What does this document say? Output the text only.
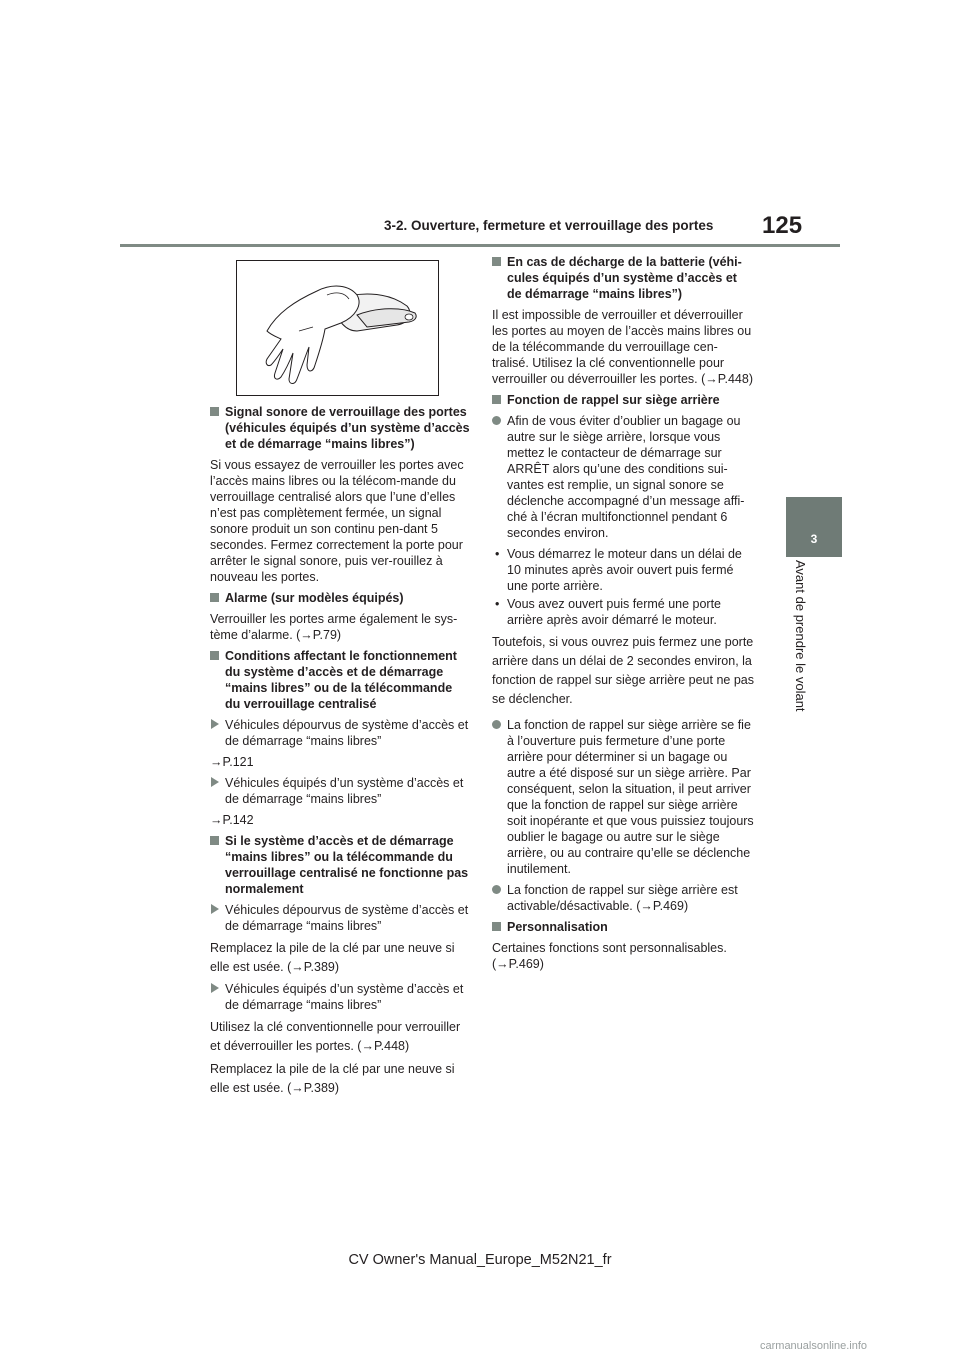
3-2. Ouverture, fermeture et verrouillage des portes 125
3
Avant de prendre le volant
Signal sonore de verrouillage des portes (véhicules équipés d’un système d’accès et de démarrage “mains libres”)
Si vous essayez de verrouiller les portes avec l’accès mains libres ou la télécom-mande du verrouillage centralisé alors que l’une d’elles n’est pas complètement fermée, un signal sonore produit un son continu pen-dant 5 secondes. Fermez correctement la porte pour arrêter le signal sonore, puis ver-rouillez à nouveau les portes.
Alarme (sur modèles équipés)
Verrouiller les portes arme également le sys-tème d’alarme. (→P.79)
Conditions affectant le fonctionnement du système d’accès et de démarrage “mains libres” ou de la télécommande du verrouillage centralisé
Véhicules dépourvus de système d’accès et de démarrage “mains libres”
→P.121
Véhicules équipés d’un système d’accès et de démarrage “mains libres”
→P.142
Si le système d’accès et de démarrage “mains libres” ou la télécommande du verrouillage centralisé ne fonctionne pas normalement
Véhicules dépourvus de système d’accès et de démarrage “mains libres”
Remplacez la pile de la clé par une neuve si elle est usée. (→P.389)
Véhicules équipés d’un système d’accès et de démarrage “mains libres”
Utilisez la clé conventionnelle pour verrouiller et déverrouiller les portes. (→P.448)
Remplacez la pile de la clé par une neuve si elle est usée. (→P.389)
En cas de décharge de la batterie (véhi-cules équipés d’un système d’accès et de démarrage “mains libres”)
Il est impossible de verrouiller et déverrouiller les portes au moyen de l’accès mains libres ou de la télécommande du verrouillage cen-tralisé. Utilisez la clé conventionnelle pour verrouiller ou déverrouiller les portes. (→P.448)
Fonction de rappel sur siège arrière
Afin de vous éviter d’oublier un bagage ou autre sur le siège arrière, lorsque vous mettez le contacteur de démarrage sur ARRÊT alors qu’une des conditions sui-vantes est remplie, un signal sonore se déclenche accompagné d’un message affi-ché à l’écran multifonctionnel pendant 6 secondes environ.
• Vous démarrez le moteur dans un délai de 10 minutes après avoir ouvert puis fermé une porte arrière.
• Vous avez ouvert puis fermé une porte arrière après avoir démarré le moteur.
Toutefois, si vous ouvrez puis fermez une porte arrière dans un délai de 2 secondes environ, la fonction de rappel sur siège arrière peut ne pas se déclencher.
La fonction de rappel sur siège arrière se fie à l’ouverture puis fermeture d’une porte arrière pour déterminer si un bagage ou autre a été disposé sur un siège arrière. Par conséquent, selon la situation, il peut arriver que la fonction de rappel sur siège arrière soit inopérante et que vous puissiez toujours oublier le bagage ou autre sur le siège arrière, ou au contraire qu’elle se déclenche inutilement.
La fonction de rappel sur siège arrière est activable/désactivable. (→P.469)
Personnalisation
Certaines fonctions sont personnalisables. (→P.469)
CV Owner's Manual_Europe_M52N21_fr
carmanualsonline.info
